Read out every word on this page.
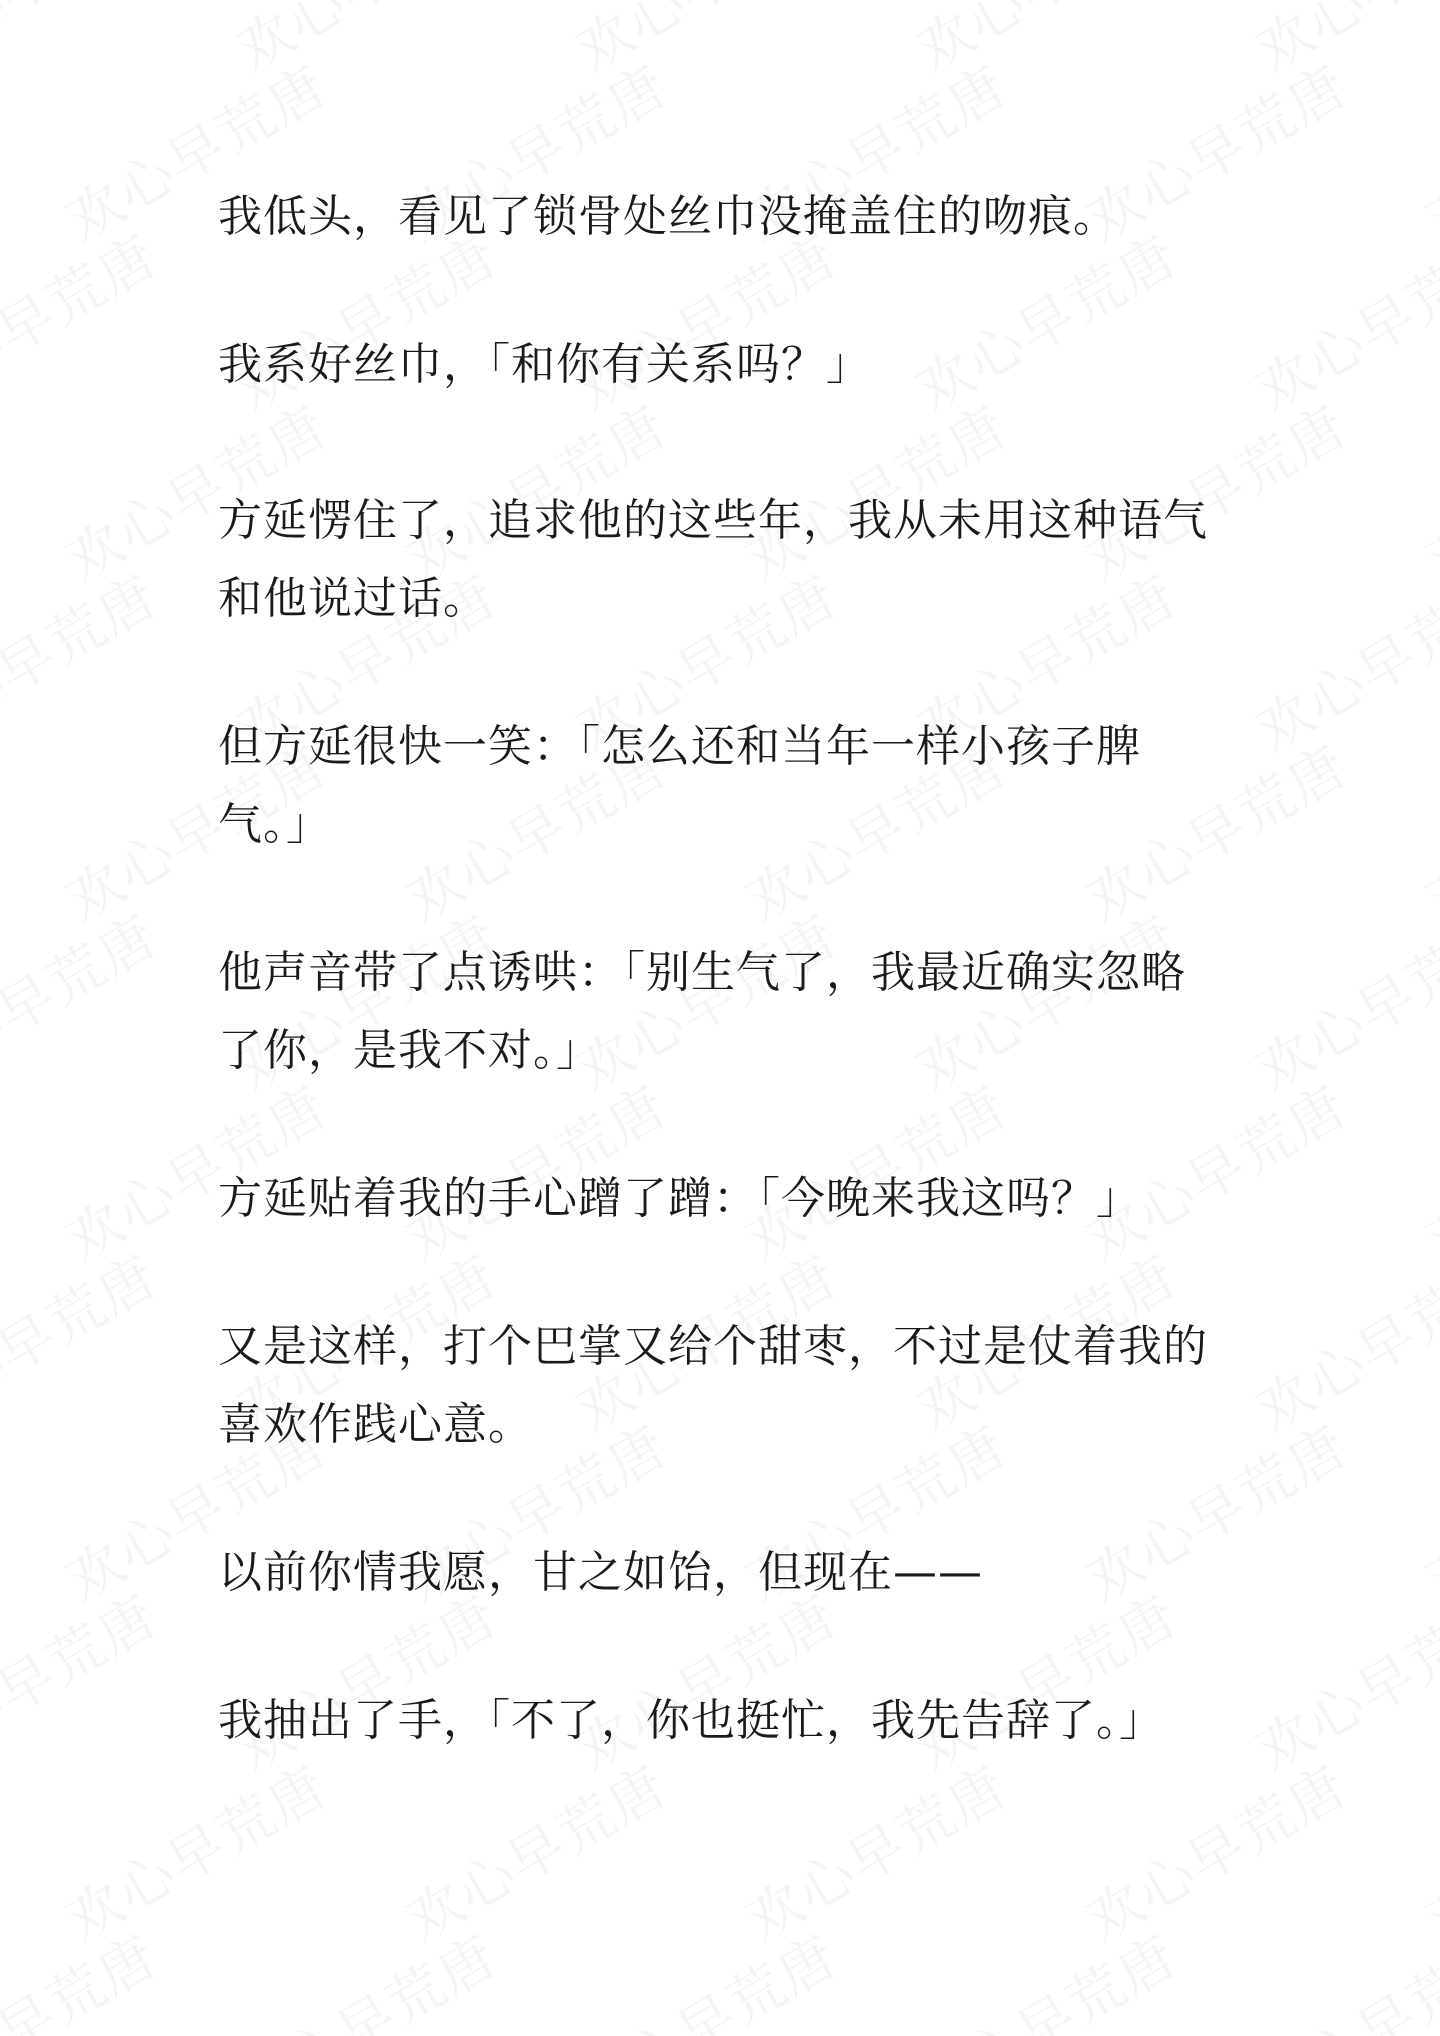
我低头，看见了锁骨处丝巾没掩盖住的吻痕。

我系好丝巾，「和你有关系吗？」

方延愣住了，追求他的这些年，我从未用这种语气和他说过话。

但方延很快一笑：「怎么还和当年一样小孩子脾气。」

他声音带了点诱哄：「别生气了，我最近确实忽略了你，是我不对。」

方延贴着我的手心蹭了蹭：「今晚来我这吗？」

又是这样，打个巴掌又给个甜枣，不过是仗着我的喜欢作践心意。

以前你情我愿，甘之如饴，但现在——

我抽出了手，「不了，你也挺忙，我先告辞了。」
